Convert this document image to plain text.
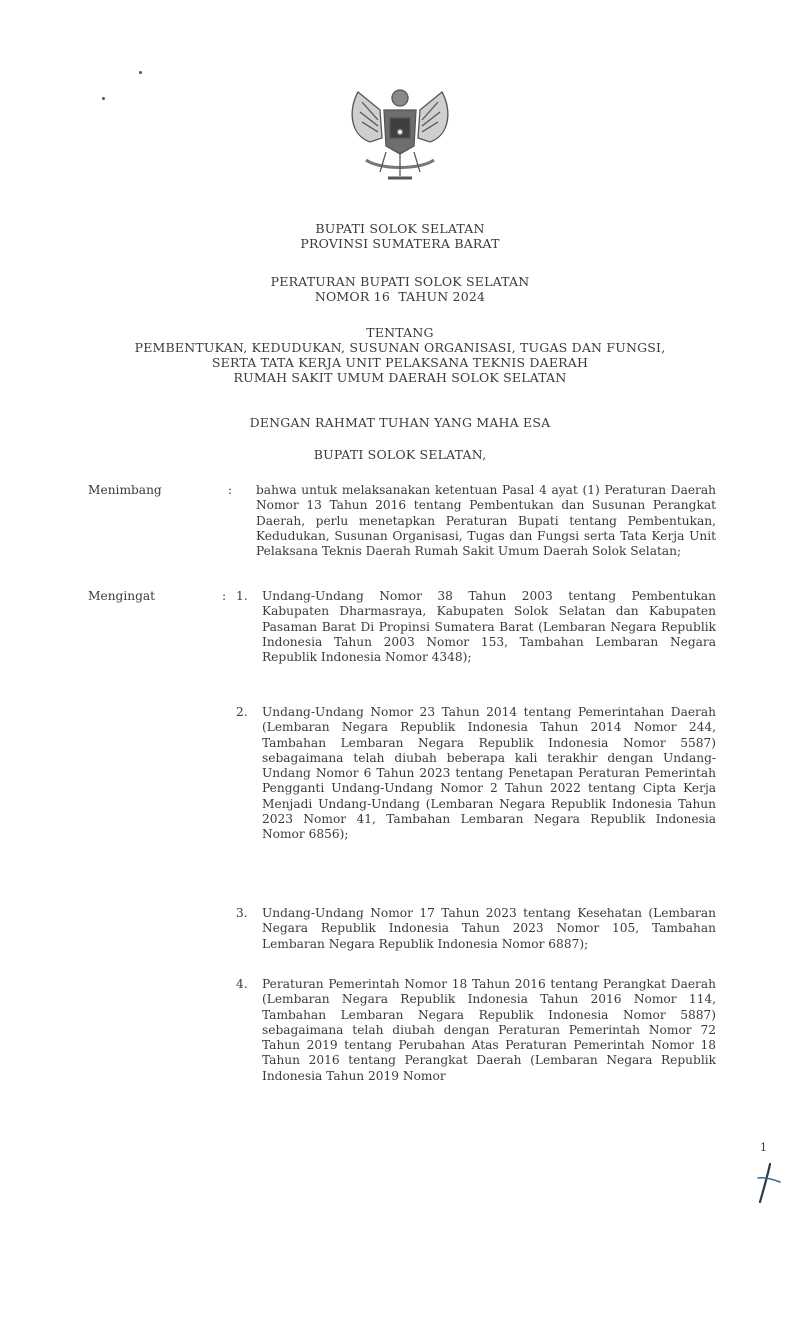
BUPATI SOLOK SELATAN
PROVINSI SUMATERA BARAT
PERATURAN BUPATI SOLOK SELATAN
NOMOR 16  TAHUN 2024
TENTANG
PEMBENTUKAN, KEDUDUKAN, SUSUNAN ORGANISASI, TUGAS DAN FUNGSI,
SERTA TATA KERJA UNIT PELAKSANA TEKNIS DAERAH
RUMAH SAKIT UMUM DAERAH SOLOK SELATAN
DENGAN RAHMAT TUHAN YANG MAHA ESA
BUPATI SOLOK SELATAN,
Menimbang	: bahwa untuk melaksanakan ketentuan Pasal 4 ayat (1) Peraturan Daerah Nomor 13 Tahun 2016 tentang Pembentukan dan Susunan Perangkat Daerah, perlu menetapkan Peraturan Bupati tentang Pembentukan, Kedudukan, Susunan Organisasi, Tugas dan Fungsi serta Tata Kerja Unit Pelaksana Teknis Daerah Rumah Sakit Umum Daerah Solok Selatan;
Mengingat	: 1. Undang-Undang Nomor 38 Tahun 2003 tentang Pembentukan Kabupaten Dharmasraya, Kabupaten Solok Selatan dan Kabupaten Pasaman Barat Di Propinsi Sumatera Barat (Lembaran Negara Republik Indonesia Tahun 2003 Nomor 153, Tambahan Lembaran Negara Republik Indonesia Nomor 4348);
2. Undang-Undang Nomor 23 Tahun 2014 tentang Pemerintahan Daerah (Lembaran Negara Republik Indonesia Tahun 2014 Nomor 244, Tambahan Lembaran Negara Republik Indonesia Nomor 5587) sebagaimana telah diubah beberapa kali terakhir dengan Undang-Undang Nomor 6 Tahun 2023 tentang Penetapan Peraturan Pemerintah Pengganti Undang-Undang Nomor 2 Tahun 2022 tentang Cipta Kerja Menjadi Undang-Undang (Lembaran Negara Republik Indonesia Tahun 2023 Nomor 41, Tambahan Lembaran Negara Republik Indonesia Nomor 6856);
3. Undang-Undang Nomor 17 Tahun 2023 tentang Kesehatan (Lembaran Negara Republik Indonesia Tahun 2023 Nomor 105, Tambahan Lembaran Negara Republik Indonesia Nomor 6887);
4. Peraturan Pemerintah Nomor 18 Tahun 2016 tentang Perangkat Daerah (Lembaran Negara Republik Indonesia Tahun 2016 Nomor 114, Tambahan Lembaran Negara Republik Indonesia Nomor 5887) sebagaimana telah diubah dengan Peraturan Pemerintah Nomor 72 Tahun 2019 tentang Perubahan Atas Peraturan Pemerintah Nomor 18 Tahun 2016 tentang Perangkat Daerah (Lembaran Negara Republik Indonesia Tahun 2019 Nomor
1
